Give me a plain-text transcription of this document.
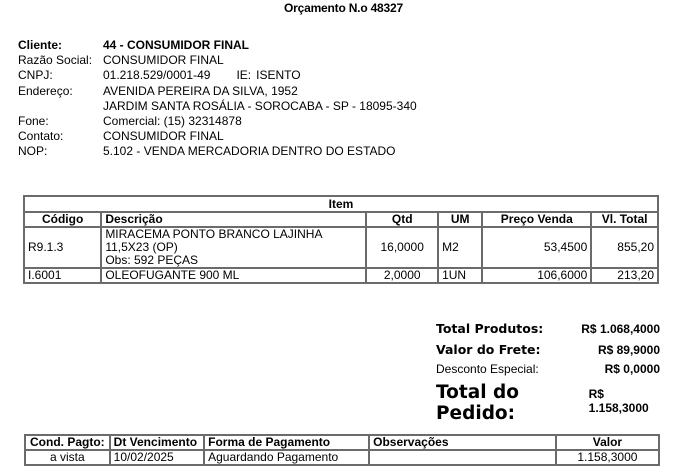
Orçamento N.o 48327
Cliente:	44 - CONSUMIDOR FINAL
Razão Social: CONSUMIDOR FINAL
CNPJ:	01.218.529/0001-49 IE: ISENTO
Endereço:	AVENIDA PEREIRA DA SILVA, 1952
JARDIM SANTA ROSÁLIA - SOROCABA - SP - 18095-340
Fone:	Comercial: (15) 32314878
Contato:	CONSUMIDOR FINAL
NOP:	5.102 - VENDA MERCADORIA DENTRO DO ESTADO
Item					
Código	Descrição	Qtd	UM	Preço Venda	Vl. Total
R9.1.3	MIRACEMA PONTO BRANCO LAJINHA
11,5X23 (OP)
Obs: 592 PEÇAS	16,0000	M2	53,4500	855,20
I.6001	OLEOFUGANTE 900 ML	2,0000	1UN	106,6000	213,20
Total Produtos:	R$ 1.068,4000
Valor do Frete:	R$ 89,9000
Desconto Especial:	R$ 0,0000
Total do Pedido:
R$ 1.158,3000
Cond. Pagto:	Dt Vencimento	Forma de Pagamento	Observações	Valor
a vista	10/02/2025	Aguardando Pagamento		1.158,3000
